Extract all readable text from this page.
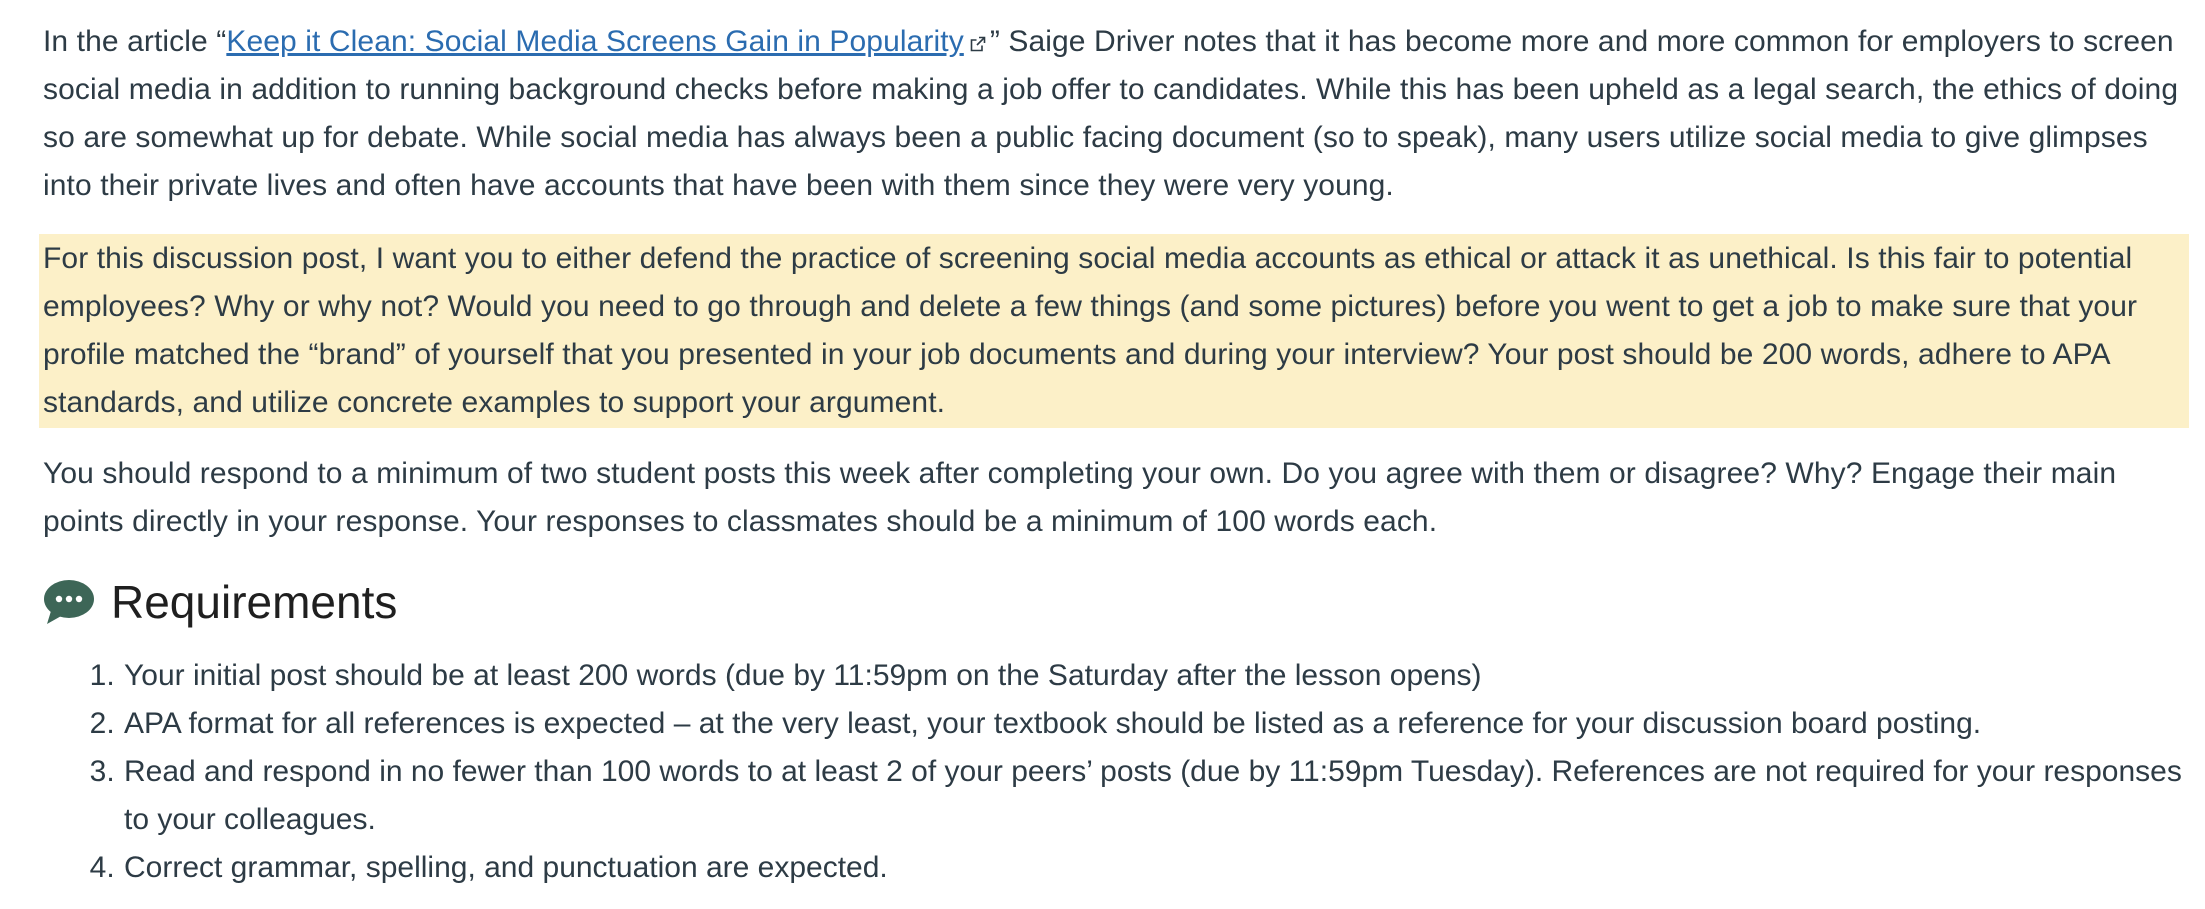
In the article “Keep it Clean: Social Media Screens Gain in Popularity ” Saige Driver notes that it has become more and more common for employers to screen social media in addition to running background checks before making a job offer to candidates. While this has been upheld as a legal search, the ethics of doing so are somewhat up for debate. While social media has always been a public facing document (so to speak), many users utilize social media to give glimpses into their private lives and often have accounts that have been with them since they were very young.

For this discussion post, I want you to either defend the practice of screening social media accounts as ethical or attack it as unethical. Is this fair to potential employees? Why or why not? Would you need to go through and delete a few things (and some pictures) before you went to get a job to make sure that your profile matched the “brand” of yourself that you presented in your job documents and during your interview? Your post should be 200 words, adhere to APA standards, and utilize concrete examples to support your argument.

You should respond to a minimum of two student posts this week after completing your own. Do you agree with them or disagree? Why? Engage their main points directly in your response. Your responses to classmates should be a minimum of 100 words each.

Requirements
1. Your initial post should be at least 200 words (due by 11:59pm on the Saturday after the lesson opens)
2. APA format for all references is expected – at the very least, your textbook should be listed as a reference for your discussion board posting.
3. Read and respond in no fewer than 100 words to at least 2 of your peers’ posts (due by 11:59pm Tuesday). References are not required for your responses to your colleagues.
4. Correct grammar, spelling, and punctuation are expected.
